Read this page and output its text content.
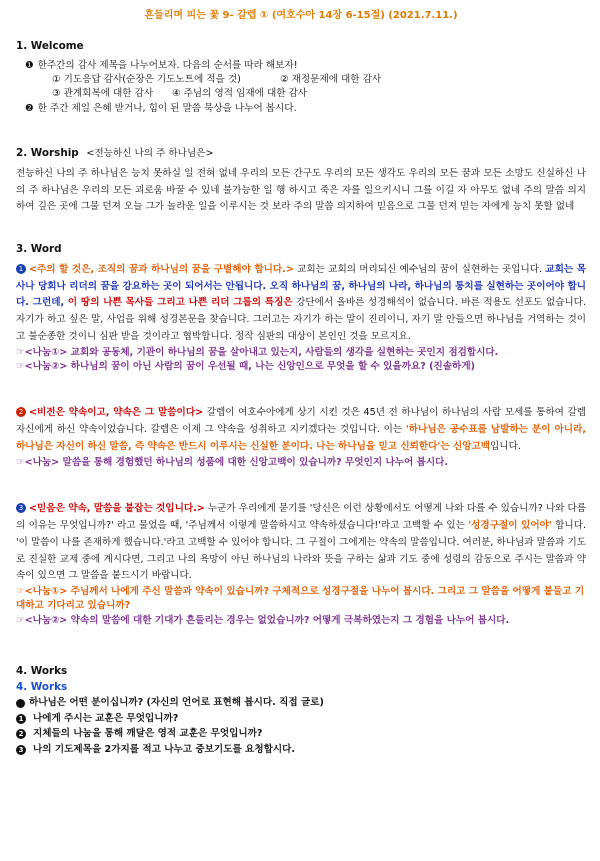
흔들리며 피는 꽃 9- 갈렙 ① (여호수아 14장 6-15절) (2021.7.11.)
1. Welcome
❶ 한주간의 감사 제목을 나누어보자. 다음의 순서를 따라 해보자!
① 기도응답 감사(순장은 기도노트에 적을 것)	② 재정문제에 대한 감사
③ 관계회복에 대한 감사	④ 주님의 영적 임재에 대한 감사
❷ 한 주간 제일 은혜 받거나, 힘이 된 말씀 묵상을 나누어 봅시다.
2. Worship <전능하신 나의 주 하나님은>
전능하신 나의 주 하나님은 능치 못하실 일 전혀 없네 우리의 모든 간구도 우리의 모든 생각도 우리의 모든 꿈과 모든 소망도 신실하신 나의 주 하나님은 우리의 모든 괴로움 바꿀 수 있네 불가능한 일 행 하시고 죽은 자를 일으키시니 그를 이길 자 아무도 없네 주의 말씀 의지하여 깊은 곳에 그물 던져 오늘 그가 놀라운 일을 이루시는 것 보라 주의 말씀 의지하여 믿음으로 그물 던져 믿는 자에게 능치 못할 없네
3. Word
1 <주의 할 것은, 조직의 꿈과 하나님의 꿈을 구별해야 합니다.> 교회는 교회의 머리되신 예수님의 꿈이 실현하는 곳입니다. 교회는 목사나 당회나 리더의 꿈을 강요하는 곳이 되어서는 안됩니다. 오직 하나님의 꿈, 하나님의 나라, 하나님의 통치를 실현하는 곳이어야 합니다. 그런데, 이 땅의 나쁜 목사들 그리고 나쁜 리더 그룹의 특징은 강단에서 올바른 성경해석이 없습니다. 바른 적용도 선포도 없습니다. 자기가 하고 싶은 말, 사업을 위해 성경본문을 찾습니다. 그러고는 자기가 하는 말이 진리이니, 자기 말 안들으면 하나님을 거역하는 것이고 불순종한 것이니 심판 받을 것이라고 협박합니다. 정작 심판의 대상이 본인인 것을 모르지요.
☞<나눔①> 교회와 공동체, 기관이 하나님의 꿈을 살아내고 있는지, 사람들의 생각을 실현하는 곳인지 점검합시다.
☞<나눔②> 하나님의 꿈이 아닌 사람의 꿈이 우선될 때, 나는 신앙인으로 무엇을 할 수 있을까요? (진솔하게)
2 <비전은 약속이고, 약속은 그 말씀이다> 갈렙이 여호수아에게 상기 시킨 것은 45년 전 하나님이 하나님의 사람 모세를 통하여 갈렙 자신에게 하신 약속이었습니다. 갈렙은 이제 그 약속을 성취하고 지키겠다는 것입니다. 이는 '하나님은 공수표를 남발하는 분이 아니라, 하나님은 자신이 하신 말씀, 즉 약속은 반드시 이루시는 신실한 분이다. 나는 하나님을 믿고 신뢰한다'는 신앙고백입니다.
☞<나눔> 말씀을 통해 경험했던 하나님의 성품에 대한 신앙고백이 있습니까? 무엇인지 나누어 봅시다.
3 <믿음은 약속, 말씀을 붙잡는 것입니다.> 누군가 우리에게 묻기를 '당신은 이런 상황에서도 어떻게 나와 다를 수 있습니까? 나와 다름의 이유는 무엇입니까?' 라고 물었을 때, '주님께서 이렇게 말씀하시고 약속하셨습니다!'라고 고백할 수 있는 '성경구절이 있어야' 합니다. '이 말씀이 나를 존재하게 했습니다.'라고 고백할 수 있어야 합니다. 그 구절이 그에게는 약속의 말씀입니다. 여러분, 하나님과 말씀과 기도로 진실한 교제 중에 계시다면, 그리고 나의 욕망이 아닌 하나님의 나라와 뜻을 구하는 삶과 기도 중에 성령의 감동으로 주시는 말씀과 약속이 있으면 그 말씀을 붙드시기 바랍니다.
☞<나눔①> 주님께서 나에게 주신 말씀과 약속이 있습니까? 구체적으로 성경구절을 나누어 봅시다. 그리고 그 말씀을 어떻게 붙들고 기대하고 기다리고 있습니까?
☞<나눔②> 약속의 말씀에 대한 기대가 흔들리는 경우는 없었습니까? 어떻게 극복하였는지 그 경험을 나누어 봅시다.
4. Works
4. Works
하나님은 어떤 분이십니까? (자신의 언어로 표현해 봅시다. 직접 글로)
1 나에게 주시는 교훈은 무엇입니까?
2 지체들의 나눔을 통해 깨달은 영적 교훈은 무엇입니까?
3 나의 기도제목을 2가지를 적고 나누고 중보기도를 요청합시다.
